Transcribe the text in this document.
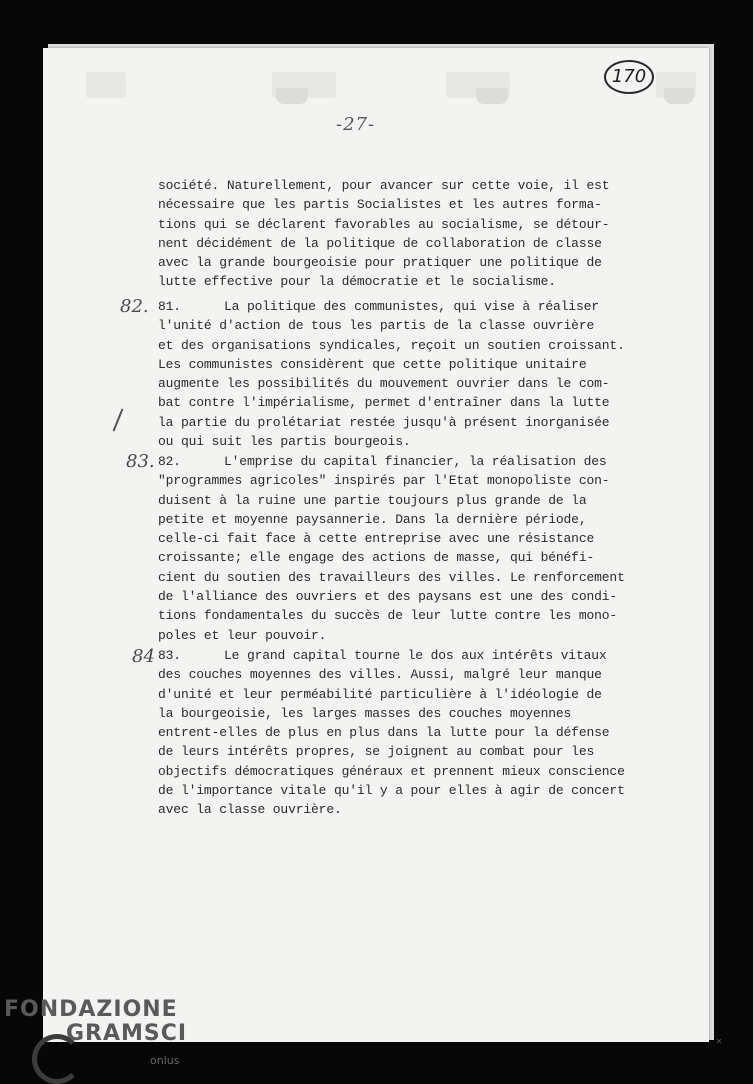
170
-27-
société. Naturellement, pour avancer sur cette voie, il est
nécessaire que les partis Socialistes et les autres forma-
tions qui se déclarent favorables au socialisme, se détour-
nent décidément de la politique de collaboration de classe
avec la grande bourgeoisie pour pratiquer une politique de
lutte effective pour la démocratie et le socialisme.
82. 81.	La politique des communistes, qui vise à réaliser
l'unité d'action de tous les partis de la classe ouvrière
et des organisations syndicales, reçoit un soutien croissant.
Les communistes considèrent que cette politique unitaire
augmente les possibilités du mouvement ouvrier dans le com-
bat contre l'impérialisme, permet d'entraîner dans la lutte
la partie du prolétariat restée jusqu'à présent inorganisée
ou qui suit les partis bourgeois.
83. 82.	L'emprise du capital financier, la réalisation des
"programmes agricoles" inspirés par l'Etat monopoliste con-
duisent à la ruine une partie toujours plus grande de la
petite et moyenne paysannerie. Dans la dernière période,
celle-ci fait face à cette entreprise avec une résistance
croissante; elle engage des actions de masse, qui bénéfi-
cient du soutien des travailleurs des villes. Le renforcement
de l'alliance des ouvriers et des paysans est une des condi-
tions fondamentales du succès de leur lutte contre les mono-
poles et leur pouvoir.
84 83.	Le grand capital tourne le dos aux intérêts vitaux
des couches moyennes des villes. Aussi, malgré leur manque
d'unité et leur perméabilité particulière à l'idéologie de
la bourgeoisie, les larges masses des couches moyennes
entrent-elles de plus en plus dans la lutte pour la défense
de leurs intérêts propres, se joignent au combat pour les
objectifs démocratiques généraux et prennent mieux conscience
de l'importance vitale qu'il y a pour elles à agir de concert
avec la classe ouvrière.
FONDAZIONE
GRAMSCI
onlus
✕
